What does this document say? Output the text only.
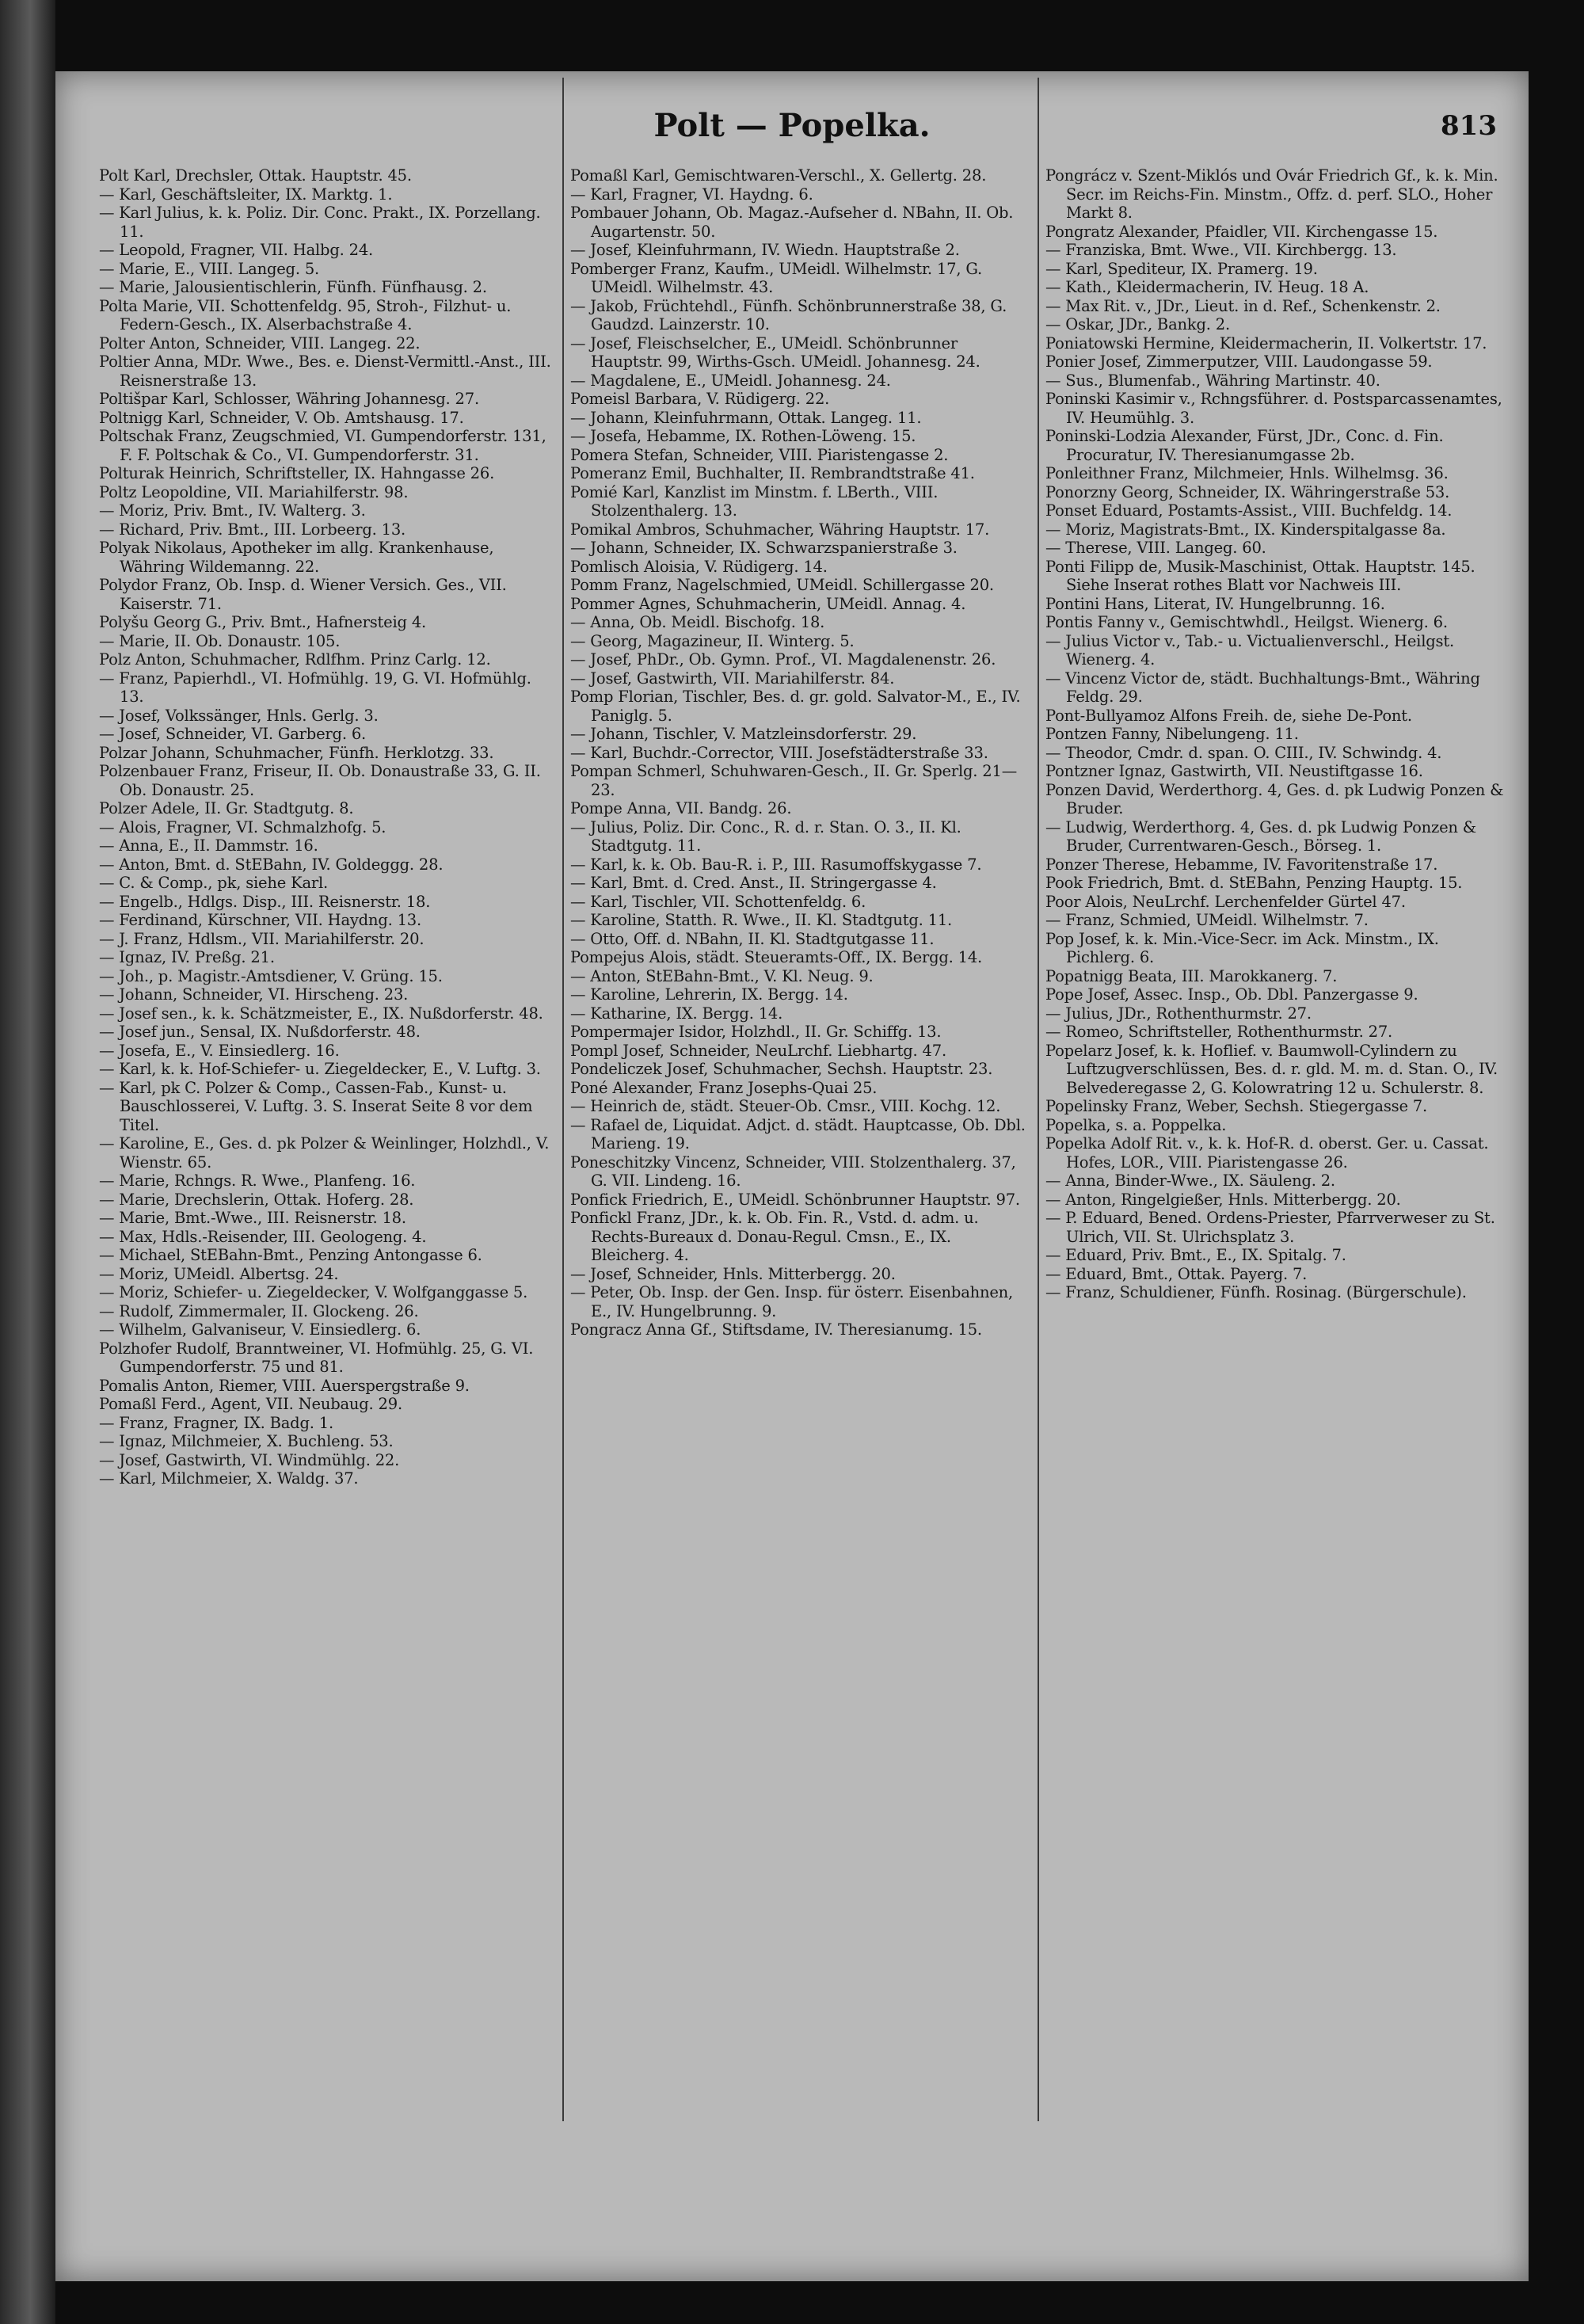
Polt — Popelka.	813

Polt Karl, Drechsler, Ottak. Hauptstr. 45.

— Karl, Geschäftsleiter, IX. Marktg. 1.

— Karl Julius, k. k. Poliz. Dir. Conc. Prakt., IX. Porzellang. 11.

— Leopold, Fragner, VII. Halbg. 24.

— Marie, E., VIII. Langeg. 5.

— Marie, Jalousientischlerin, Fünfh. Fünfhausg. 2.

Polta Marie, VII. Schottenfeldg. 95, Stroh-, Filzhut- u. Federn-Gesch., IX. Alserbachstraße 4.

Polter Anton, Schneider, VIII. Langeg. 22.

Poltier Anna, MDr. Wwe., Bes. e. Dienst-Vermittl.-Anst., III. Reisnerstraße 13.

Poltišpar Karl, Schlosser, Währing Johannesg. 27.

Poltnigg Karl, Schneider, V. Ob. Amtshausg. 17.

Poltschak Franz, Zeugschmied, VI. Gumpendorferstr. 131, F. F. Poltschak & Co., VI. Gumpendorferstr. 31.

Polturak Heinrich, Schriftsteller, IX. Hahngasse 26.

Poltz Leopoldine, VII. Mariahilferstr. 98.

— Moriz, Priv. Bmt., IV. Walterg. 3.

— Richard, Priv. Bmt., III. Lorbeerg. 13.

Polyak Nikolaus, Apotheker im allg. Krankenhause, Währing Wildemanng. 22.

Polydor Franz, Ob. Insp. d. Wiener Versich. Ges., VII. Kaiserstr. 71.

Polyšu Georg G., Priv. Bmt., Hafnersteig 4.

— Marie, II. Ob. Donaustr. 105.

Polz Anton, Schuhmacher, Rdlfhm. Prinz Carlg. 12.

— Franz, Papierhdl., VI. Hofmühlg. 19, G. VI. Hofmühlg. 13.

— Josef, Volkssänger, Hnls. Gerlg. 3.

— Josef, Schneider, VI. Garberg. 6.

Polzar Johann, Schuhmacher, Fünfh. Herklotzg. 33.

Polzenbauer Franz, Friseur, II. Ob. Donaustraße 33, G. II. Ob. Donaustr. 25.

Polzer Adele, II. Gr. Stadtgutg. 8.

— Alois, Fragner, VI. Schmalzhofg. 5.

— Anna, E., II. Dammstr. 16.

— Anton, Bmt. d. StEBahn, IV. Goldeggg. 28.

— C. & Comp., pk, siehe Karl.

— Engelb., Hdlgs. Disp., III. Reisnerstr. 18.

— Ferdinand, Kürschner, VII. Haydng. 13.

— J. Franz, Hdlsm., VII. Mariahilferstr. 20.

— Ignaz, IV. Preßg. 21.

— Joh., p. Magistr.-Amtsdiener, V. Grüng. 15.

— Johann, Schneider, VI. Hirscheng. 23.

— Josef sen., k. k. Schätzmeister, E., IX. Nußdorferstr. 48.

— Josef jun., Sensal, IX. Nußdorferstr. 48.

— Josefa, E., V. Einsiedlerg. 16.

— Karl, k. k. Hof-Schiefer- u. Ziegeldecker, E., V. Luftg. 3.

— Karl, pk C. Polzer & Comp., Cassen-Fab., Kunst- u. Bauschlosserei, V. Luftg. 3. S. Inserat Seite 8 vor dem Titel.

— Karoline, E., Ges. d. pk Polzer & Weinlinger, Holzhdl., V. Wienstr. 65.

— Marie, Rchngs. R. Wwe., Planfeng. 16.

— Marie, Drechslerin, Ottak. Hoferg. 28.

— Marie, Bmt.-Wwe., III. Reisnerstr. 18.

— Max, Hdls.-Reisender, III. Geologeng. 4.

— Michael, StEBahn-Bmt., Penzing Antongasse 6.

— Moriz, UMeidl. Albertsg. 24.

— Moriz, Schiefer- u. Ziegeldecker, V. Wolfganggasse 5.

— Rudolf, Zimmermaler, II. Glockeng. 26.

— Wilhelm, Galvaniseur, V. Einsiedlerg. 6.

Polzhofer Rudolf, Branntweiner, VI. Hofmühlg. 25, G. VI. Gumpendorferstr. 75 und 81.

Pomalis Anton, Riemer, VIII. Auerspergstraße 9.

Pomaßl Ferd., Agent, VII. Neubaug. 29.

— Franz, Fragner, IX. Badg. 1.

— Ignaz, Milchmeier, X. Buchleng. 53.

— Josef, Gastwirth, VI. Windmühlg. 22.

— Karl, Milchmeier, X. Waldg. 37.

Pomaßl Karl, Gemischtwaren-Verschl., X. Gellertg. 28.

— Karl, Fragner, VI. Haydng. 6.

Pombauer Johann, Ob. Magaz.-Aufseher d. NBahn, II. Ob. Augartenstr. 50.

— Josef, Kleinfuhrmann, IV. Wiedn. Hauptstraße 2.

Pomberger Franz, Kaufm., UMeidl. Wilhelmstr. 17, G. UMeidl. Wilhelmstr. 43.

— Jakob, Früchtehdl., Fünfh. Schönbrunnerstraße 38, G. Gaudzd. Lainzerstr. 10.

— Josef, Fleischselcher, E., UMeidl. Schönbrunner Hauptstr. 99, Wirths-Gsch. UMeidl. Johannesg. 24.

— Magdalene, E., UMeidl. Johannesg. 24.

Pomeisl Barbara, V. Rüdigerg. 22.

— Johann, Kleinfuhrmann, Ottak. Langeg. 11.

— Josefa, Hebamme, IX. Rothen-Löweng. 15.

Pomera Stefan, Schneider, VIII. Piaristengasse 2.

Pomeranz Emil, Buchhalter, II. Rembrandtstraße 41.

Pomié Karl, Kanzlist im Minstm. f. LBerth., VIII. Stolzenthalerg. 13.

Pomikal Ambros, Schuhmacher, Währing Hauptstr. 17.

— Johann, Schneider, IX. Schwarzspanierstraße 3.

Pomlisch Aloisia, V. Rüdigerg. 14.

Pomm Franz, Nagelschmied, UMeidl. Schillergasse 20.

Pommer Agnes, Schuhmacherin, UMeidl. Annag. 4.

— Anna, Ob. Meidl. Bischofg. 18.

— Georg, Magazineur, II. Winterg. 5.

— Josef, PhDr., Ob. Gymn. Prof., VI. Magdalenenstr. 26.

— Josef, Gastwirth, VII. Mariahilferstr. 84.

Pomp Florian, Tischler, Bes. d. gr. gold. Salvator-M., E., IV. Paniglg. 5.

— Johann, Tischler, V. Matzleinsdorferstr. 29.

— Karl, Buchdr.-Corrector, VIII. Josefstädterstraße 33.

Pompan Schmerl, Schuhwaren-Gesch., II. Gr. Sperlg. 21—23.

Pompe Anna, VII. Bandg. 26.

— Julius, Poliz. Dir. Conc., R. d. r. Stan. O. 3., II. Kl. Stadtgutg. 11.

— Karl, k. k. Ob. Bau-R. i. P., III. Rasumoffskygasse 7.

— Karl, Bmt. d. Cred. Anst., II. Stringergasse 4.

— Karl, Tischler, VII. Schottenfeldg. 6.

— Karoline, Statth. R. Wwe., II. Kl. Stadtgutg. 11.

— Otto, Off. d. NBahn, II. Kl. Stadtgutgasse 11.

Pompejus Alois, städt. Steueramts-Off., IX. Bergg. 14.

— Anton, StEBahn-Bmt., V. Kl. Neug. 9.

— Karoline, Lehrerin, IX. Bergg. 14.

— Katharine, IX. Bergg. 14.

Pompermajer Isidor, Holzhdl., II. Gr. Schiffg. 13.

Pompl Josef, Schneider, NeuLrchf. Liebhartg. 47.

Pondeliczek Josef, Schuhmacher, Sechsh. Hauptstr. 23.

Poné Alexander, Franz Josephs-Quai 25.

— Heinrich de, städt. Steuer-Ob. Cmsr., VIII. Kochg. 12.

— Rafael de, Liquidat. Adjct. d. städt. Hauptcasse, Ob. Dbl. Marieng. 19.

Poneschitzky Vincenz, Schneider, VIII. Stolzenthalerg. 37, G. VII. Lindeng. 16.

Ponfick Friedrich, E., UMeidl. Schönbrunner Hauptstr. 97.

Ponfickl Franz, JDr., k. k. Ob. Fin. R., Vstd. d. adm. u. Rechts-Bureaux d. Donau-Regul. Cmsn., E., IX. Bleicherg. 4.

— Josef, Schneider, Hnls. Mitterbergg. 20.

— Peter, Ob. Insp. der Gen. Insp. für österr. Eisenbahnen, E., IV. Hungelbrunng. 9.

Pongracz Anna Gf., Stiftsdame, IV. Theresianumg. 15.

Pongrácz v. Szent-Miklós und Ovár Friedrich Gf., k. k. Min. Secr. im Reichs-Fin. Minstm., Offz. d. perf. SLO., Hoher Markt 8.

Pongratz Alexander, Pfaidler, VII. Kirchengasse 15.

— Franziska, Bmt. Wwe., VII. Kirchbergg. 13.

— Karl, Spediteur, IX. Pramerg. 19.

— Kath., Kleidermacherin, IV. Heug. 18 A.

— Max Rit. v., JDr., Lieut. in d. Ref., Schenkenstr. 2.

— Oskar, JDr., Bankg. 2.

Poniatowski Hermine, Kleidermacherin, II. Volkertstr. 17.

Ponier Josef, Zimmerputzer, VIII. Laudongasse 59.

— Sus., Blumenfab., Währing Martinstr. 40.

Poninski Kasimir v., Rchngsführer. d. Postsparcassenamtes, IV. Heumühlg. 3.

Poninski-Lodzia Alexander, Fürst, JDr., Conc. d. Fin. Procuratur, IV. Theresianumgasse 2b.

Ponleithner Franz, Milchmeier, Hnls. Wilhelmsg. 36.

Ponorzny Georg, Schneider, IX. Währingerstraße 53.

Ponset Eduard, Postamts-Assist., VIII. Buchfeldg. 14.

— Moriz, Magistrats-Bmt., IX. Kinderspitalgasse 8a.

— Therese, VIII. Langeg. 60.

Ponti Filipp de, Musik-Maschinist, Ottak. Hauptstr. 145. Siehe Inserat rothes Blatt vor Nachweis III.

Pontini Hans, Literat, IV. Hungelbrunng. 16.

Pontis Fanny v., Gemischtwhdl., Heilgst. Wienerg. 6.

— Julius Victor v., Tab.- u. Victualienverschl., Heilgst. Wienerg. 4.

— Vincenz Victor de, städt. Buchhaltungs-Bmt., Währing Feldg. 29.

Pont-Bullyamoz Alfons Freih. de, siehe De-Pont.

Pontzen Fanny, Nibelungeng. 11.

— Theodor, Cmdr. d. span. O. CIII., IV. Schwindg. 4.

Pontzner Ignaz, Gastwirth, VII. Neustiftgasse 16.

Ponzen David, Werderthorg. 4, Ges. d. pk Ludwig Ponzen & Bruder.

— Ludwig, Werderthorg. 4, Ges. d. pk Ludwig Ponzen & Bruder, Currentwaren-Gesch., Börseg. 1.

Ponzer Therese, Hebamme, IV. Favoritenstraße 17.

Pook Friedrich, Bmt. d. StEBahn, Penzing Hauptg. 15.

Poor Alois, NeuLrchf. Lerchenfelder Gürtel 47.

— Franz, Schmied, UMeidl. Wilhelmstr. 7.

Pop Josef, k. k. Min.-Vice-Secr. im Ack. Minstm., IX. Pichlerg. 6.

Popatnigg Beata, III. Marokkanerg. 7.

Pope Josef, Assec. Insp., Ob. Dbl. Panzergasse 9.

— Julius, JDr., Rothenthurmstr. 27.

— Romeo, Schriftsteller, Rothenthurmstr. 27.

Popelarz Josef, k. k. Hoflief. v. Baumwoll-Cylindern zu Luftzugverschlüssen, Bes. d. r. gld. M. m. d. Stan. O., IV. Belvederegasse 2, G. Kolowratring 12 u. Schulerstr. 8.

Popelinsky Franz, Weber, Sechsh. Stiegergasse 7.

Popelka, s. a. Poppelka.

Popelka Adolf Rit. v., k. k. Hof-R. d. oberst. Ger. u. Cassat. Hofes, LOR., VIII. Piaristengasse 26.

— Anna, Binder-Wwe., IX. Säuleng. 2.

— Anton, Ringelgießer, Hnls. Mitterbergg. 20.

— P. Eduard, Bened. Ordens-Priester, Pfarrverweser zu St. Ulrich, VII. St. Ulrichsplatz 3.

— Eduard, Priv. Bmt., E., IX. Spitalg. 7.

— Eduard, Bmt., Ottak. Payerg. 7.

— Franz, Schuldiener, Fünfh. Rosinag. (Bürgerschule).
